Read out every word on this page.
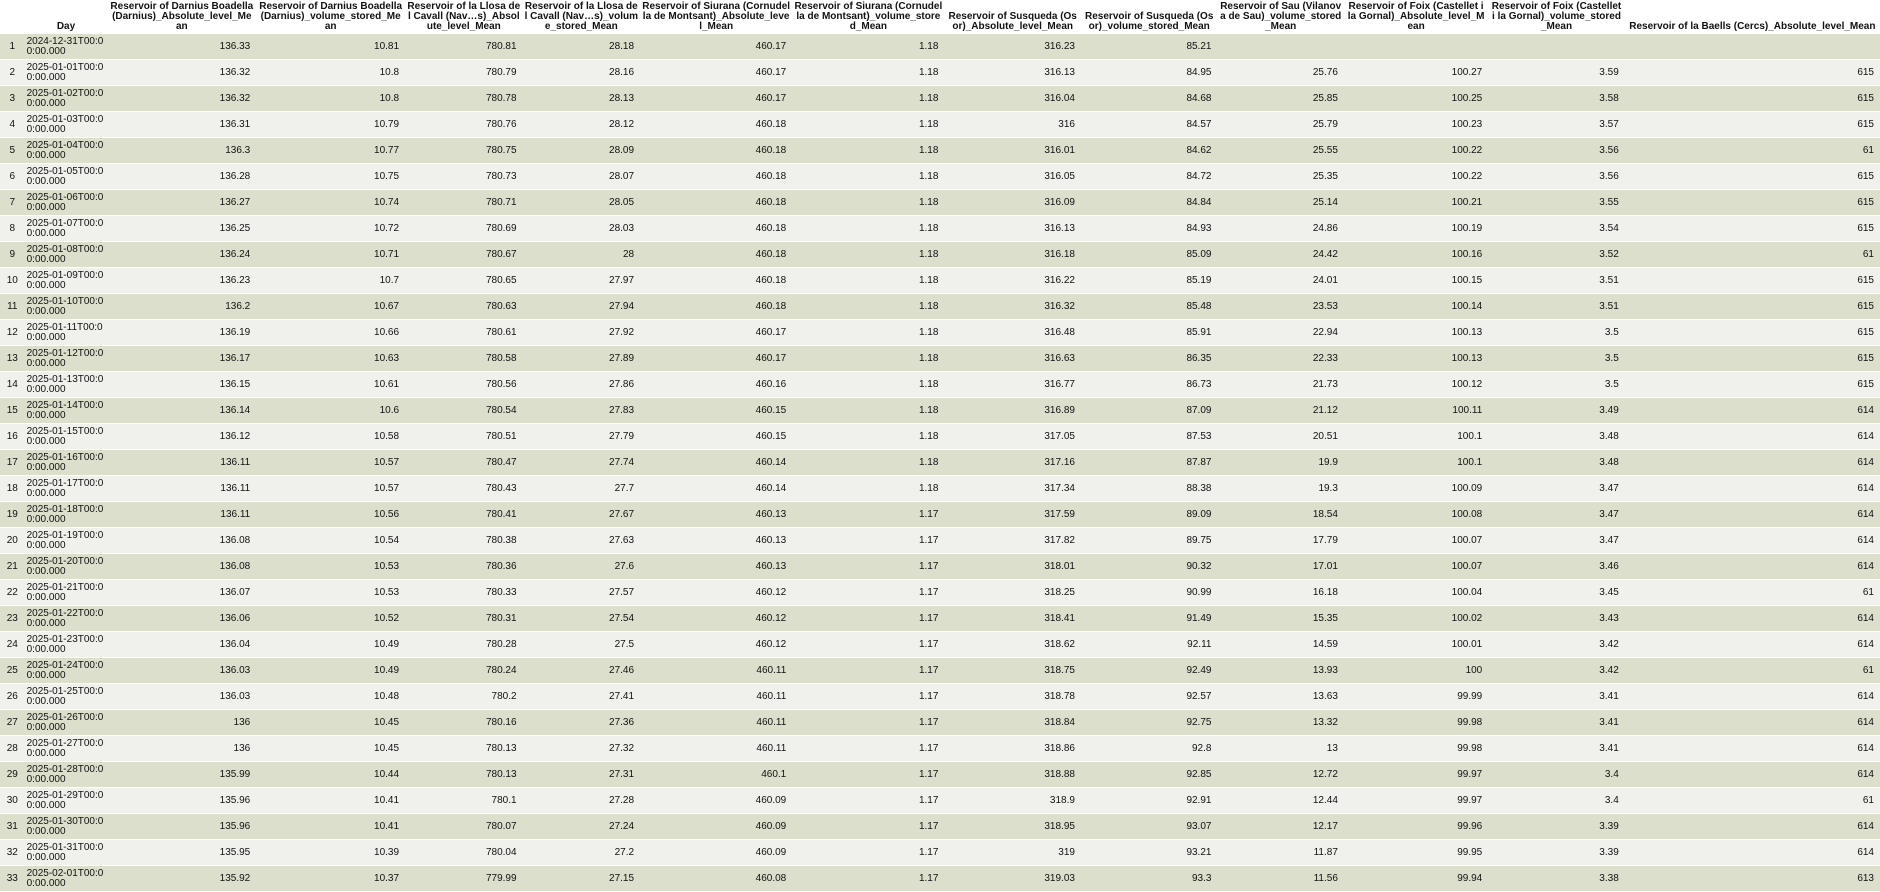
	Day	Reservoir of Darnius Boadella (Darnius)_Absolute_level_Mean	Reservoir of Darnius Boadella (Darnius)_volume_stored_Mean	Reservoir of la Llosa del Cavall (Nav…s)_Absolute_level_Mean	Reservoir of la Llosa del Cavall (Nav…s)_volume_stored_Mean	Reservoir of Siurana (Cornudella de Montsant)_Absolute_level_Mean	Reservoir of Siurana (Cornudella de Montsant)_volume_stored_Mean	Reservoir of Susqueda (Osor)_Absolute_level_Mean	Reservoir of Susqueda (Osor)_volume_stored_Mean	Reservoir of Sau (Vilanova de Sau)_volume_stored_Mean	Reservoir of Foix (Castellet i la Gornal)_Absolute_level_Mean	Reservoir of Foix (Castellet i la Gornal)_volume_stored_Mean	Reservoir of la Baells (Cercs)_Absolute_level_Mean
1	2024-12-31T00:00:00.000	136.33	10.81	780.81	28.18	460.17	1.18	316.23	85.21				
2	2025-01-01T00:00:00.000	136.32	10.8	780.79	28.16	460.17	1.18	316.13	84.95	25.76	100.27	3.59	615
3	2025-01-02T00:00:00.000	136.32	10.8	780.78	28.13	460.17	1.18	316.04	84.68	25.85	100.25	3.58	615
4	2025-01-03T00:00:00.000	136.31	10.79	780.76	28.12	460.18	1.18	316	84.57	25.79	100.23	3.57	615
5	2025-01-04T00:00:00.000	136.3	10.77	780.75	28.09	460.18	1.18	316.01	84.62	25.55	100.22	3.56	61
6	2025-01-05T00:00:00.000	136.28	10.75	780.73	28.07	460.18	1.18	316.05	84.72	25.35	100.22	3.56	615
7	2025-01-06T00:00:00.000	136.27	10.74	780.71	28.05	460.18	1.18	316.09	84.84	25.14	100.21	3.55	615
8	2025-01-07T00:00:00.000	136.25	10.72	780.69	28.03	460.18	1.18	316.13	84.93	24.86	100.19	3.54	615
9	2025-01-08T00:00:00.000	136.24	10.71	780.67	28	460.18	1.18	316.18	85.09	24.42	100.16	3.52	61
10	2025-01-09T00:00:00.000	136.23	10.7	780.65	27.97	460.18	1.18	316.22	85.19	24.01	100.15	3.51	615
11	2025-01-10T00:00:00.000	136.2	10.67	780.63	27.94	460.18	1.18	316.32	85.48	23.53	100.14	3.51	615
12	2025-01-11T00:00:00.000	136.19	10.66	780.61	27.92	460.17	1.18	316.48	85.91	22.94	100.13	3.5	615
13	2025-01-12T00:00:00.000	136.17	10.63	780.58	27.89	460.17	1.18	316.63	86.35	22.33	100.13	3.5	615
14	2025-01-13T00:00:00.000	136.15	10.61	780.56	27.86	460.16	1.18	316.77	86.73	21.73	100.12	3.5	615
15	2025-01-14T00:00:00.000	136.14	10.6	780.54	27.83	460.15	1.18	316.89	87.09	21.12	100.11	3.49	614
16	2025-01-15T00:00:00.000	136.12	10.58	780.51	27.79	460.15	1.18	317.05	87.53	20.51	100.1	3.48	614
17	2025-01-16T00:00:00.000	136.11	10.57	780.47	27.74	460.14	1.18	317.16	87.87	19.9	100.1	3.48	614
18	2025-01-17T00:00:00.000	136.11	10.57	780.43	27.7	460.14	1.18	317.34	88.38	19.3	100.09	3.47	614
19	2025-01-18T00:00:00.000	136.11	10.56	780.41	27.67	460.13	1.17	317.59	89.09	18.54	100.08	3.47	614
20	2025-01-19T00:00:00.000	136.08	10.54	780.38	27.63	460.13	1.17	317.82	89.75	17.79	100.07	3.47	614
21	2025-01-20T00:00:00.000	136.08	10.53	780.36	27.6	460.13	1.17	318.01	90.32	17.01	100.07	3.46	614
22	2025-01-21T00:00:00.000	136.07	10.53	780.33	27.57	460.12	1.17	318.25	90.99	16.18	100.04	3.45	61
23	2025-01-22T00:00:00.000	136.06	10.52	780.31	27.54	460.12	1.17	318.41	91.49	15.35	100.02	3.43	614
24	2025-01-23T00:00:00.000	136.04	10.49	780.28	27.5	460.12	1.17	318.62	92.11	14.59	100.01	3.42	614
25	2025-01-24T00:00:00.000	136.03	10.49	780.24	27.46	460.11	1.17	318.75	92.49	13.93	100	3.42	61
26	2025-01-25T00:00:00.000	136.03	10.48	780.2	27.41	460.11	1.17	318.78	92.57	13.63	99.99	3.41	614
27	2025-01-26T00:00:00.000	136	10.45	780.16	27.36	460.11	1.17	318.84	92.75	13.32	99.98	3.41	614
28	2025-01-27T00:00:00.000	136	10.45	780.13	27.32	460.11	1.17	318.86	92.8	13	99.98	3.41	614
29	2025-01-28T00:00:00.000	135.99	10.44	780.13	27.31	460.1	1.17	318.88	92.85	12.72	99.97	3.4	614
30	2025-01-29T00:00:00.000	135.96	10.41	780.1	27.28	460.09	1.17	318.9	92.91	12.44	99.97	3.4	61
31	2025-01-30T00:00:00.000	135.96	10.41	780.07	27.24	460.09	1.17	318.95	93.07	12.17	99.96	3.39	614
32	2025-01-31T00:00:00.000	135.95	10.39	780.04	27.2	460.09	1.17	319	93.21	11.87	99.95	3.39	614
33	2025-02-01T00:00:00.000	135.92	10.37	779.99	27.15	460.08	1.17	319.03	93.3	11.56	99.94	3.38	613
